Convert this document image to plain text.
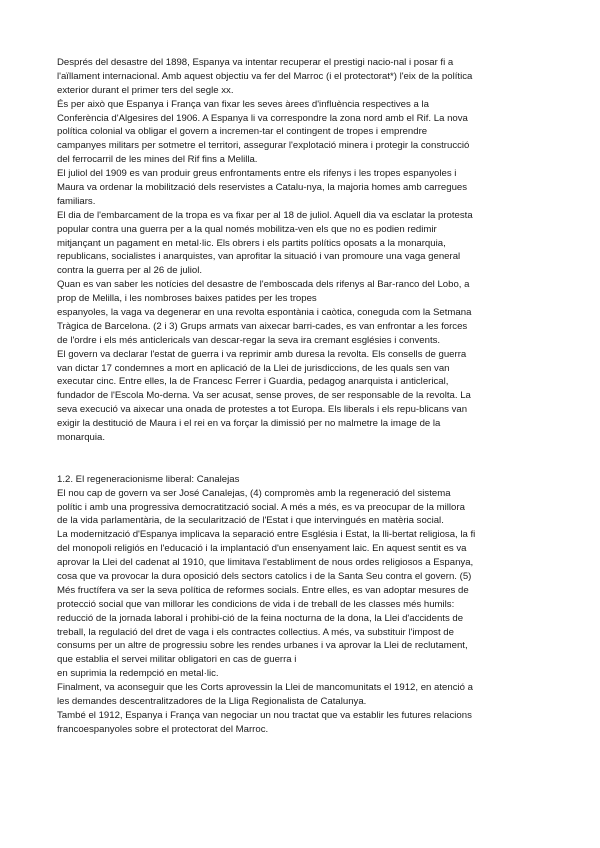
Després del desastre del 1898, Espanya va intentar recuperar el prestigi nacio-nal i posar fi a
l'aïllament internacional. Amb aquest objectiu va fer del Marroc (i el protectorat*) l'eix de la política
exterior durant el primer ters del segle xx.
És per això que Espanya i França van fixar les seves àrees d'influència respectives a la
Conferència d'Algesires del 1906. A Espanya li va correspondre la zona nord amb el Rif. La nova
política colonial va obligar el govern a incremen-tar el contingent de tropes i emprendre
campanyes militars per sotmetre el territori, assegurar l'explotació minera i protegir la construcció
del ferrocarril de les mines del Rif fins a Melilla.
El juliol del 1909 es van produir greus enfrontaments entre els rifenys i les tropes espanyoles i
Maura va ordenar la mobilització dels reservistes a Catalu-nya, la majoria homes amb carregues
familiars.
El dia de l'embarcament de la tropa es va fixar per al 18 de juliol. Aquell dia va esclatar la protesta
popular contra una guerra per a la qual només mobilitza-ven els que no es podien redimir
mitjançant un pagament en metal·lic. Els obrers i els partits polítics oposats a la monarquia,
republicans, socialistes i anarquistes, van aprofitar la situació i van promoure una vaga general
contra la guerra per al 26 de juliol.
Quan es van saber les notícies del desastre de l'emboscada dels rifenys al Bar-ranco del Lobo, a
prop de Melilla, i les nombroses baixes patides per les tropes
espanyoles, la vaga va degenerar en una revolta espontània i caòtica, coneguda com la Setmana
Tràgica de Barcelona. (2 i 3) Grups armats van aixecar barri-cades, es van enfrontar a les forces
de l'ordre i els més anticlericals van descar-regar la seva ira cremant esglésies i convents.
El govern va declarar l'estat de guerra i va reprimir amb duresa la revolta. Els consells de guerra
van dictar 17 condemnes a mort en aplicació de la Llei de jurisdiccions, de les quals sen van
executar cinc. Entre elles, la de Francesc Ferrer i Guardia, pedagog anarquista i anticlerical,
fundador de l'Escola Mo-derna. Va ser acusat, sense proves, de ser responsable de la revolta. La
seva execució va aixecar una onada de protestes a tot Europa. Els liberals i els repu-blicans van
exigir la destitució de Maura i el rei en va forçar la dimissió per no malmetre la image de la
monarquia.
1.2. El regeneracionisme liberal: Canalejas
El nou cap de govern va ser José Canalejas, (4) compromès amb la regeneració del sistema
polític i amb una progressiva democratització social. A més a més, es va preocupar de la millora
de la vida parlamentària, de la secularització de l'Estat i que intervingués en matèria social.
La modernització d'Espanya implicava la separació entre Església i Estat, la lli-bertat religiosa, la fi
del monopoli religiós en l'educació i la implantació d'un ensenyament laic. En aquest sentit es va
aprovar la Llei del cadenat al 1910, que limitava l'establiment de nous ordes religiosos a Espanya,
cosa que va provocar la dura oposició dels sectors catolics i de la Santa Seu contra el govern. (5)
Més fructífera va ser la seva política de reformes socials. Entre elles, es van adoptar mesures de
protecció social que van millorar les condicions de vida i de treball de les classes més humils:
reducció de la jornada laboral i prohibi-ció de la feina nocturna de la dona, la Llei d'accidents de
treball, la regulació del dret de vaga i els contractes collectius. A més, va substituir l'impost de
consums per un altre de progressiu sobre les rendes urbanes i va aprovar la Llei de reclutament,
que establia el servei militar obligatori en cas de guerra i
en suprimia la redempció en metal·lic.
Finalment, va aconseguir que les Corts aprovessin la Llei de mancomunitats el 1912, en atenció a
les demandes descentralitzadores de la Lliga Regionalista de Catalunya.
També el 1912, Espanya i França van negociar un nou tractat que va establir les futures relacions
francoespanyoles sobre el protectorat del Marroc.
